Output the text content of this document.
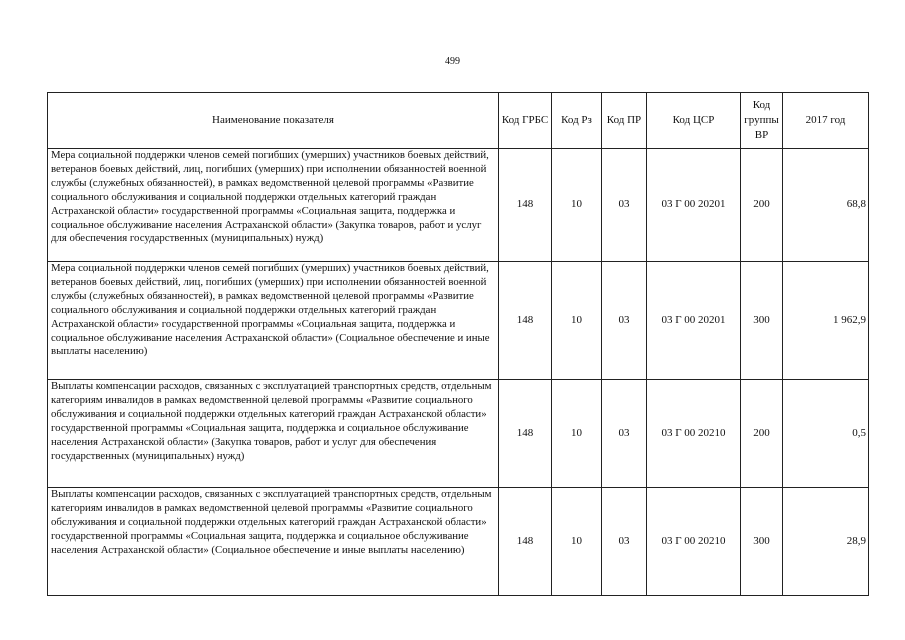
499
Наименование показателя	Код ГРБС	Код Рз	Код ПР	Код ЦСР	Код группы ВР	2017 год
Мера социальной поддержки членов семей погибших (умерших) участников боевых действий, ветеранов боевых действий, лиц, погибших (умерших) при исполнении обязанностей военной службы (служебных обязанностей), в рамках ведомственной целевой программы «Развитие социального обслуживания и социальной поддержки отдельных категорий граждан Астраханской области» государственной программы «Социальная защита, поддержка и социальное обслуживание населения Астраханской области» (Закупка товаров, работ и услуг для обеспечения государственных (муниципальных) нужд)	148	10	03	03 Г 00 20201	200	68,8
Мера социальной поддержки членов семей погибших (умерших) участников боевых действий, ветеранов боевых действий, лиц, погибших (умерших) при исполнении обязанностей военной службы (служебных обязанностей), в рамках ведомственной целевой программы «Развитие социального обслуживания и социальной поддержки отдельных категорий граждан Астраханской области» государственной программы «Социальная защита, поддержка и социальное обслуживание населения Астраханской области» (Социальное обеспечение и иные выплаты населению)	148	10	03	03 Г 00 20201	300	1 962,9
Выплаты компенсации расходов, связанных с эксплуатацией транспортных средств, отдельным категориям инвалидов в рамках ведомственной целевой программы «Развитие социального обслуживания и социальной поддержки отдельных категорий граждан Астраханской области» государственной программы «Социальная защита, поддержка и социальное обслуживание населения Астраханской области» (Закупка товаров, работ и услуг для обеспечения государственных (муниципальных) нужд)	148	10	03	03 Г 00 20210	200	0,5
Выплаты компенсации расходов, связанных с эксплуатацией транспортных средств, отдельным категориям инвалидов в рамках ведомственной целевой программы «Развитие социального обслуживания и социальной поддержки отдельных категорий граждан Астраханской области» государственной программы «Социальная защита, поддержка и социальное обслуживание населения Астраханской области» (Социальное обеспечение и иные выплаты населению)	148	10	03	03 Г 00 20210	300	28,9
